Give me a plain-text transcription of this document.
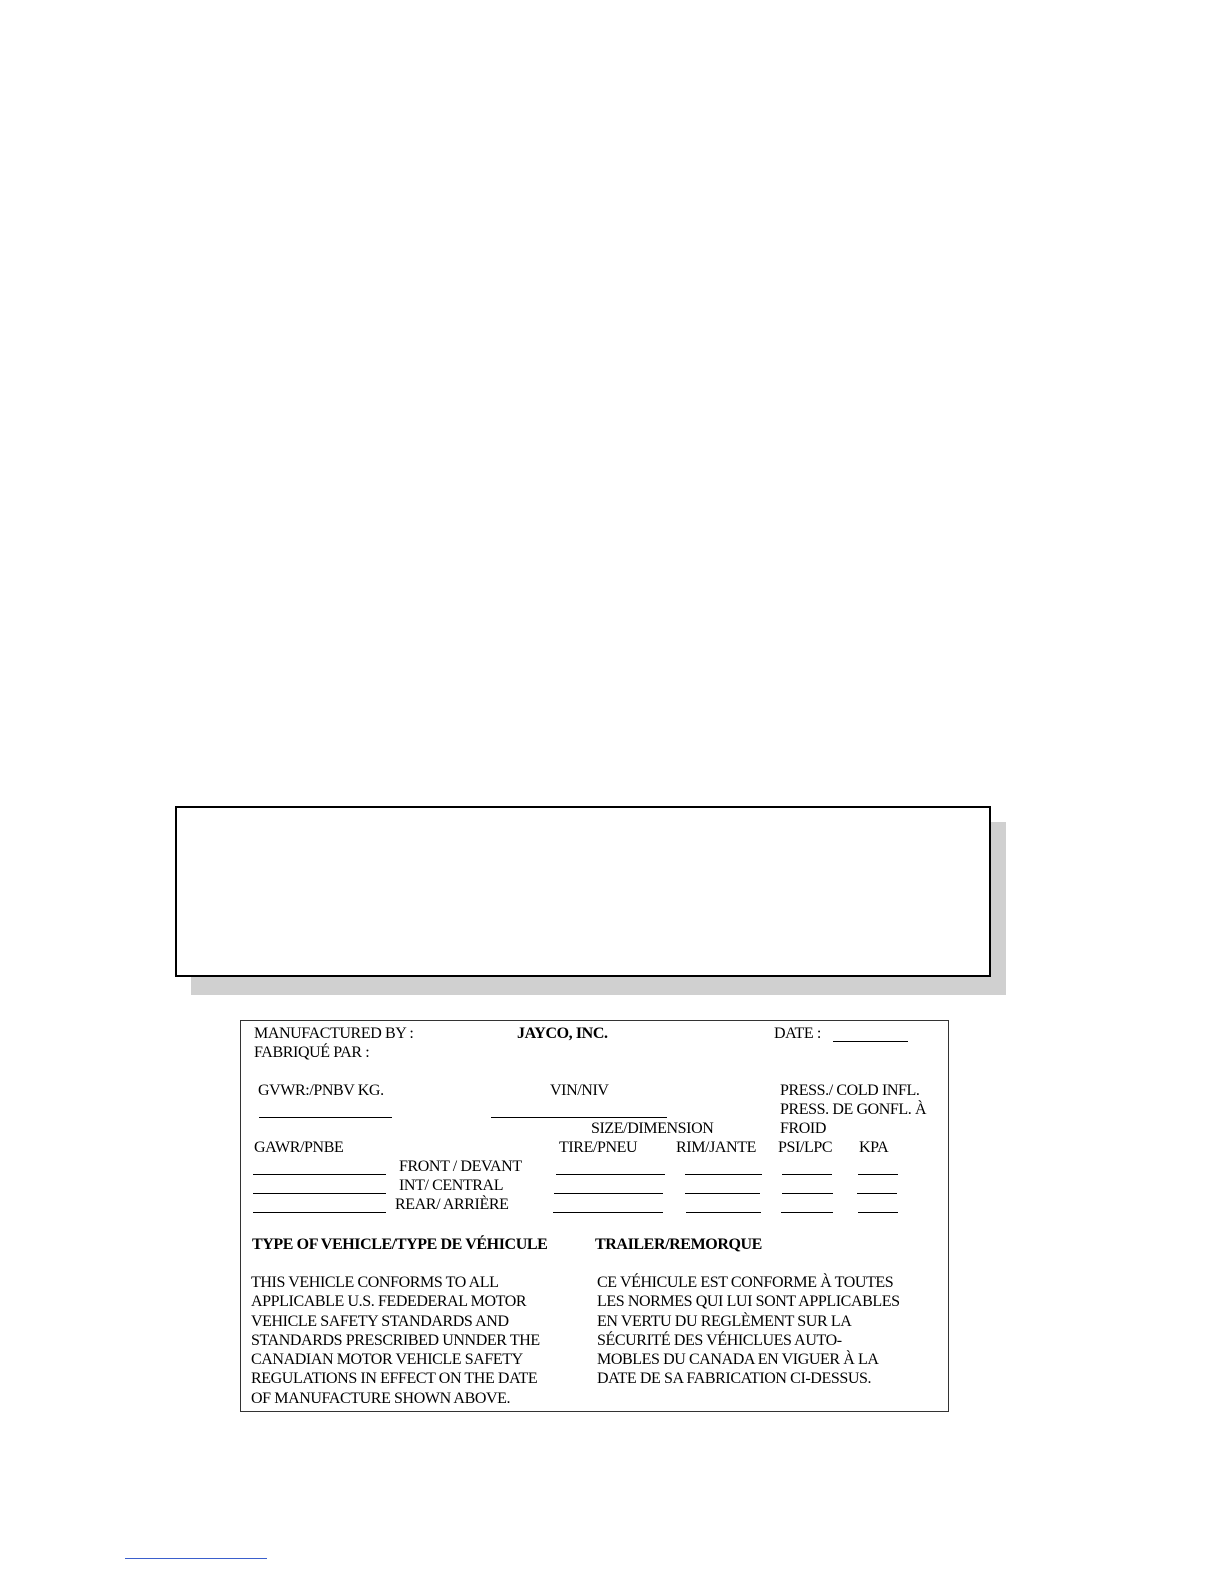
MANUFACTURED BY :
FABRIQUÉ PAR :
JAYCO, INC.	DATE :
GVWR:/PNBV KG.	VIN/NIV	PRESS./ COLD INFL.
PRESS. DE GONFL. À
FROID
SIZE/DIMENSION
GAWR/PNBE	TIRE/PNEU RIM/JANTE PSI/LPC KPA
FRONT / DEVANT
INT/ CENTRAL
REAR/ ARRIÈRE
TYPE OF VEHICLE/TYPE DE VÉHICULE	TRAILER/REMORQUE
THIS VEHICLE CONFORMS TO ALL
APPLICABLE U.S. FEDEDERAL MOTOR
VEHICLE SAFETY STANDARDS AND
STANDARDS PRESCRIBED UNNDER THE
CANADIAN MOTOR VEHICLE SAFETY
REGULATIONS IN EFFECT ON THE DATE
OF MANUFACTURE SHOWN ABOVE.
CE VÉHICULE EST CONFORME À TOUTES
LES NORMES QUI LUI SONT APPLICABLES
EN VERTU DU REGLÈMENT SUR LA
SÉCURITÉ DES VÉHICLUES AUTO-
MOBLES DU CANADA EN VIGUER À LA
DATE DE SA FABRICATION CI-DESSUS.
